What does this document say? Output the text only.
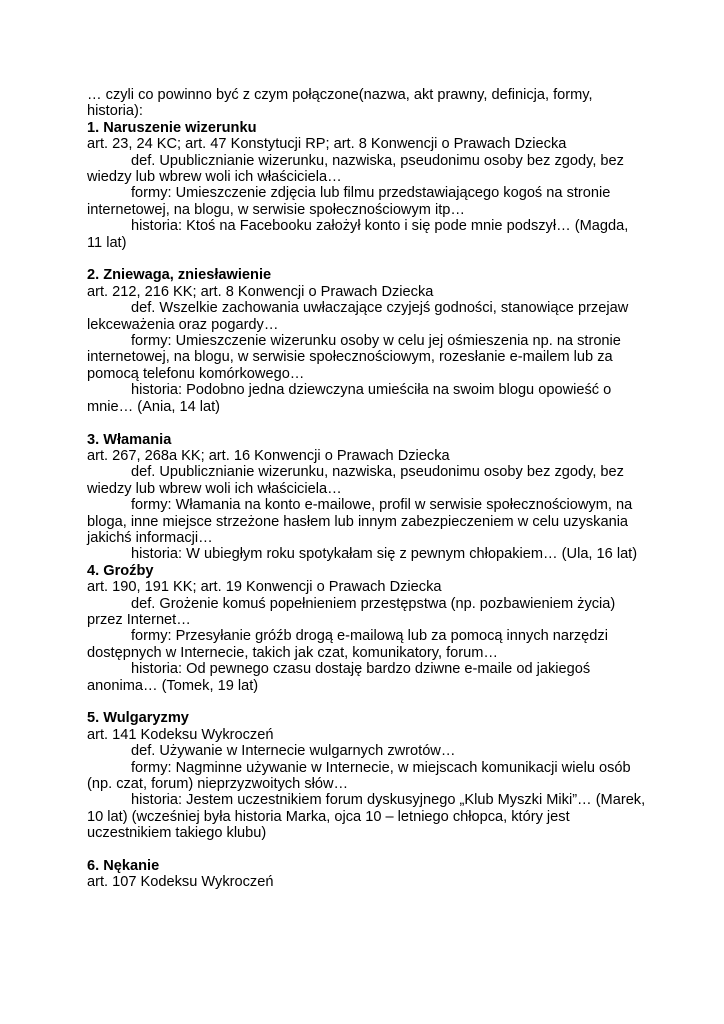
… czyli co powinno być z czym połączone(nazwa, akt prawny, definicja, formy, historia):

1. Naruszenie wizerunku

art. 23, 24 KC; art. 47 Konstytucji RP; art. 8 Konwencji o Prawach Dziecka

def. Upublicznianie wizerunku, nazwiska, pseudonimu osoby bez zgody, bez wiedzy lub wbrew woli ich właściciela…

formy: Umieszczenie zdjęcia lub filmu przedstawiającego kogoś na stronie internetowej, na blogu, w serwisie społecznościowym itp…

historia: Ktoś na Facebooku założył konto i się pode mnie podszył… (Magda, 11 lat)

2. Zniewaga, zniesławienie

art. 212, 216 KK; art. 8 Konwencji o Prawach Dziecka

def. Wszelkie zachowania uwłaczające czyjejś godności, stanowiące przejaw lekceważenia oraz pogardy…

formy: Umieszczenie wizerunku osoby w celu jej ośmieszenia np. na stronie internetowej, na blogu, w serwisie społecznościowym, rozesłanie e-mailem lub za pomocą telefonu komórkowego…

historia: Podobno jedna dziewczyna umieściła na swoim blogu opowieść o mnie… (Ania, 14 lat)

3. Włamania

art. 267, 268a KK; art. 16 Konwencji o Prawach Dziecka

def. Upublicznianie wizerunku, nazwiska, pseudonimu osoby bez zgody, bez wiedzy lub wbrew woli ich właściciela…

formy: Włamania na konto e-mailowe, profil w serwisie społecznościowym, na bloga, inne miejsce strzeżone hasłem lub innym zabezpieczeniem w celu uzyskania jakichś informacji…

historia: W ubiegłym roku spotykałam się z pewnym chłopakiem… (Ula, 16 lat)

4. Groźby

art. 190, 191 KK; art. 19 Konwencji o Prawach Dziecka

def. Grożenie komuś popełnieniem przestępstwa (np. pozbawieniem życia) przez Internet…

formy: Przesyłanie gróźb drogą e-mailową lub za pomocą innych narzędzi dostępnych w Internecie, takich jak czat, komunikatory, forum…

historia: Od pewnego czasu dostaję bardzo dziwne e-maile od jakiegoś anonima… (Tomek, 19 lat)

5. Wulgaryzmy

art. 141 Kodeksu Wykroczeń

def. Używanie w Internecie wulgarnych zwrotów…

formy: Nagminne używanie w Internecie, w miejscach komunikacji wielu osób (np. czat, forum) nieprzyzwoitych słów…

historia: Jestem uczestnikiem forum dyskusyjnego „Klub Myszki Miki”… (Marek, 10 lat) (wcześniej była historia Marka, ojca 10 – letniego chłopca, który jest uczestnikiem takiego klubu)

6. Nękanie

art. 107 Kodeksu Wykroczeń
